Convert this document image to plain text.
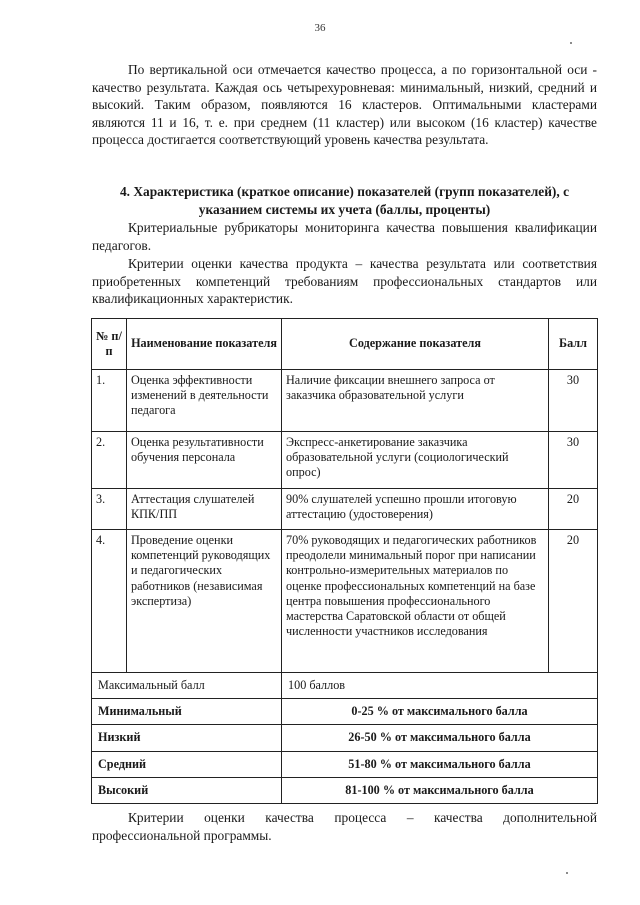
36

По вертикальной оси отмечается качество процесса, а по горизонтальной оси - качество результата. Каждая ось четырехуровневая: минимальный, низкий, средний и высокий. Таким образом, появляются 16 кластеров. Оптимальными кластерами являются 11 и 16, т. е. при среднем (11 кластер) или высоком (16 кластер) качестве процесса достигается соответствующий уровень качества результата.

4. Характеристика (краткое описание) показателей (групп показателей), с указанием системы их учета (баллы, проценты)

Критериальные рубрикаторы мониторинга качества повышения квалификации педагогов.

Критерии оценки качества продукта – качества результата или соответствия приобретенных компетенций требованиям профессиональных стандартов или квалификационных характеристик.

№ п/п	Наименование показателя	Содержание показателя	Балл
1.	Оценка эффективности изменений в деятельности педагога	Наличие фиксации внешнего запроса от заказчика образовательной услуги	30
2.	Оценка результативности обучения персонала	Экспресс-анкетирование заказчика образовательной услуги (социологический опрос)	30
3.	Аттестация слушателей КПК/ПП	90% слушателей успешно прошли итоговую аттестацию (удостоверения)	20
4.	Проведение оценки компетенций руководящих и педагогических работников (независимая экспертиза)	70% руководящих и педагогических работников преодолели минимальный порог при написании контрольно-измерительных материалов по оценке профессиональных компетенций на базе центра повышения профессионального мастерства Саратовской области от общей численности участников исследования	20
Максимальный балл		100 баллов	
Минимальный		0-25 % от максимального балла	
Низкий		26-50 % от максимального балла	
Средний		51-80 % от максимального балла	
Высокий		81-100 % от максимального балла	

Критерии оценки качества процесса – качества дополнительной профессиональной программы.
